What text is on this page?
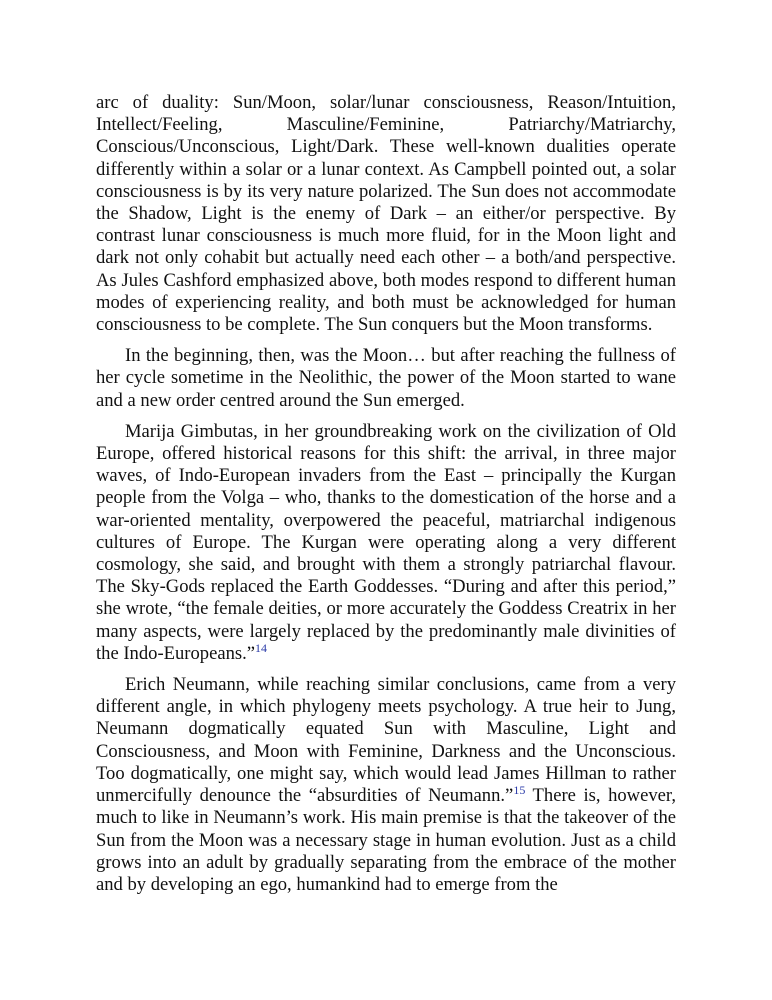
arc of duality: Sun/Moon, solar/lunar consciousness, Reason/Intuition, Intellect/Feeling, Masculine/Feminine, Patriarchy/Matriarchy, Conscious/Unconscious, Light/Dark. These well-known dualities operate differently within a solar or a lunar context. As Campbell pointed out, a solar consciousness is by its very nature polarized. The Sun does not accommodate the Shadow, Light is the enemy of Dark – an either/or perspective. By contrast lunar consciousness is much more fluid, for in the Moon light and dark not only cohabit but actually need each other – a both/and perspective. As Jules Cashford emphasized above, both modes respond to different human modes of experiencing reality, and both must be acknowledged for human consciousness to be complete. The Sun conquers but the Moon transforms.

In the beginning, then, was the Moon… but after reaching the fullness of her cycle sometime in the Neolithic, the power of the Moon started to wane and a new order centred around the Sun emerged.

Marija Gimbutas, in her groundbreaking work on the civilization of Old Europe, offered historical reasons for this shift: the arrival, in three major waves, of Indo-European invaders from the East – principally the Kurgan people from the Volga – who, thanks to the domestication of the horse and a war-oriented mentality, overpowered the peaceful, matriarchal indigenous cultures of Europe. The Kurgan were operating along a very different cosmology, she said, and brought with them a strongly patriarchal flavour. The Sky-Gods replaced the Earth Goddesses. “During and after this period,” she wrote, “the female deities, or more accurately the Goddess Creatrix in her many aspects, were largely replaced by the predominantly male divinities of the Indo-Europeans.”$^{14}$

Erich Neumann, while reaching similar conclusions, came from a very different angle, in which phylogeny meets psychology. A true heir to Jung, Neumann dogmatically equated Sun with Masculine, Light and Consciousness, and Moon with Feminine, Darkness and the Unconscious. Too dogmatically, one might say, which would lead James Hillman to rather unmercifully denounce the “absurdities of Neumann.”$^{15}$ There is, however, much to like in Neumann’s work. His main premise is that the takeover of the Sun from the Moon was a necessary stage in human evolution. Just as a child grows into an adult by gradually separating from the embrace of the mother and by developing an ego, humankind had to emerge from the
